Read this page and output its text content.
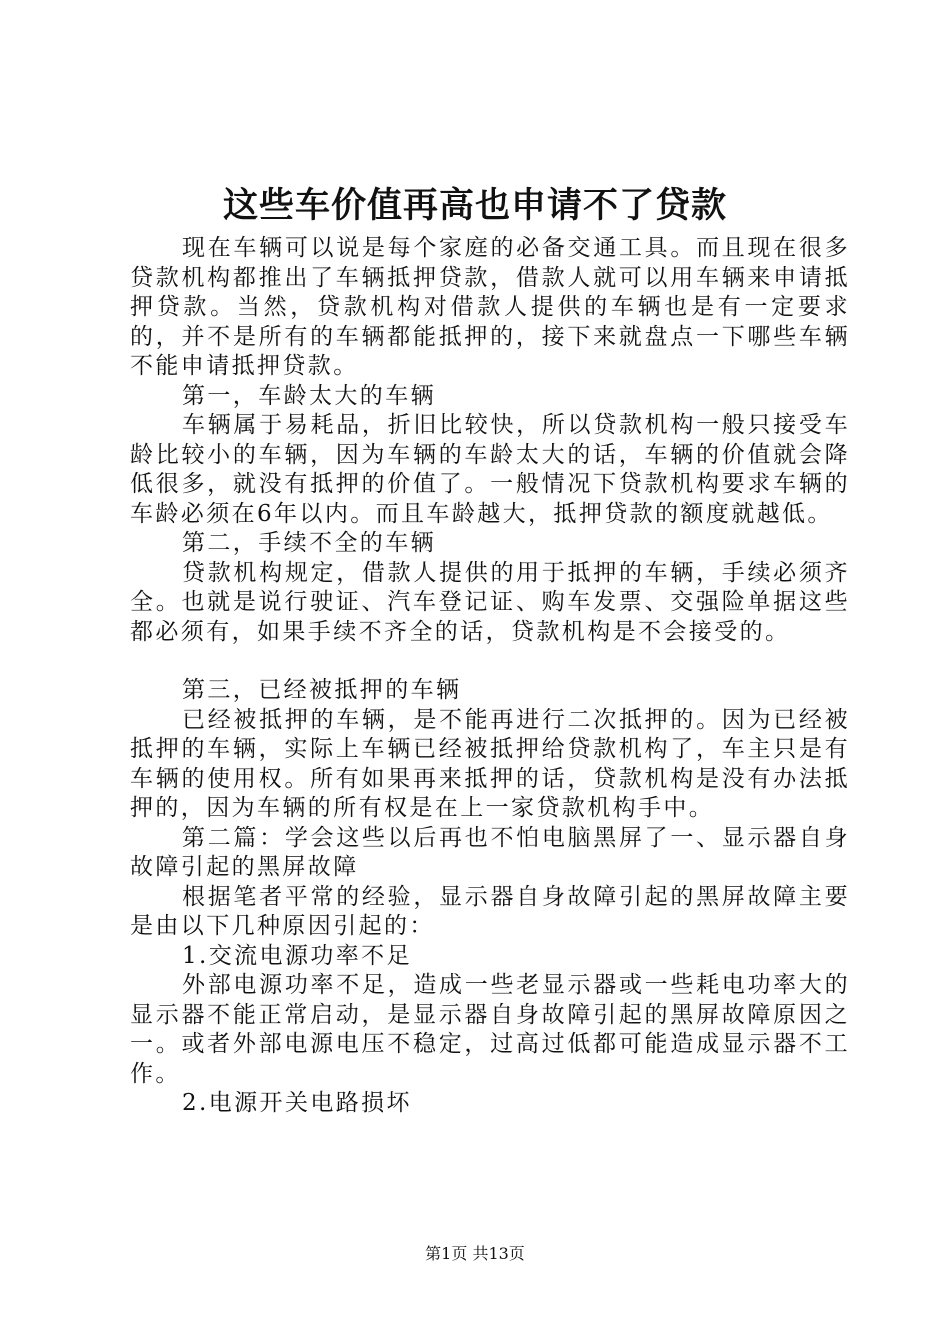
这些车价值再高也申请不了贷款

现在车辆可以说是每个家庭的必备交通工具。而且现在很多贷款机构都推出了车辆抵押贷款，借款人就可以用车辆来申请抵押贷款。当然，贷款机构对借款人提供的车辆也是有一定要求的，并不是所有的车辆都能抵押的，接下来就盘点一下哪些车辆不能申请抵押贷款。

第一，车龄太大的车辆

车辆属于易耗品，折旧比较快，所以贷款机构一般只接受车龄比较小的车辆，因为车辆的车龄太大的话，车辆的价值就会降低很多，就没有抵押的价值了。一般情况下贷款机构要求车辆的车龄必须在6年以内。而且车龄越大，抵押贷款的额度就越低。

第二，手续不全的车辆

贷款机构规定，借款人提供的用于抵押的车辆，手续必须齐全。也就是说行驶证、汽车登记证、购车发票、交强险单据这些都必须有，如果手续不齐全的话，贷款机构是不会接受的。

第三，已经被抵押的车辆

已经被抵押的车辆，是不能再进行二次抵押的。因为已经被抵押的车辆，实际上车辆已经被抵押给贷款机构了，车主只是有车辆的使用权。所有如果再来抵押的话，贷款机构是没有办法抵押的，因为车辆的所有权是在上一家贷款机构手中。

第二篇：学会这些以后再也不怕电脑黑屏了一、显示器自身故障引起的黑屏故障

根据笔者平常的经验，显示器自身故障引起的黑屏故障主要是由以下几种原因引起的：

1.交流电源功率不足

外部电源功率不足，造成一些老显示器或一些耗电功率大的显示器不能正常启动，是显示器自身故障引起的黑屏故障原因之一。或者外部电源电压不稳定，过高过低都可能造成显示器不工作。

2.电源开关电路损坏

第1页 共13页
